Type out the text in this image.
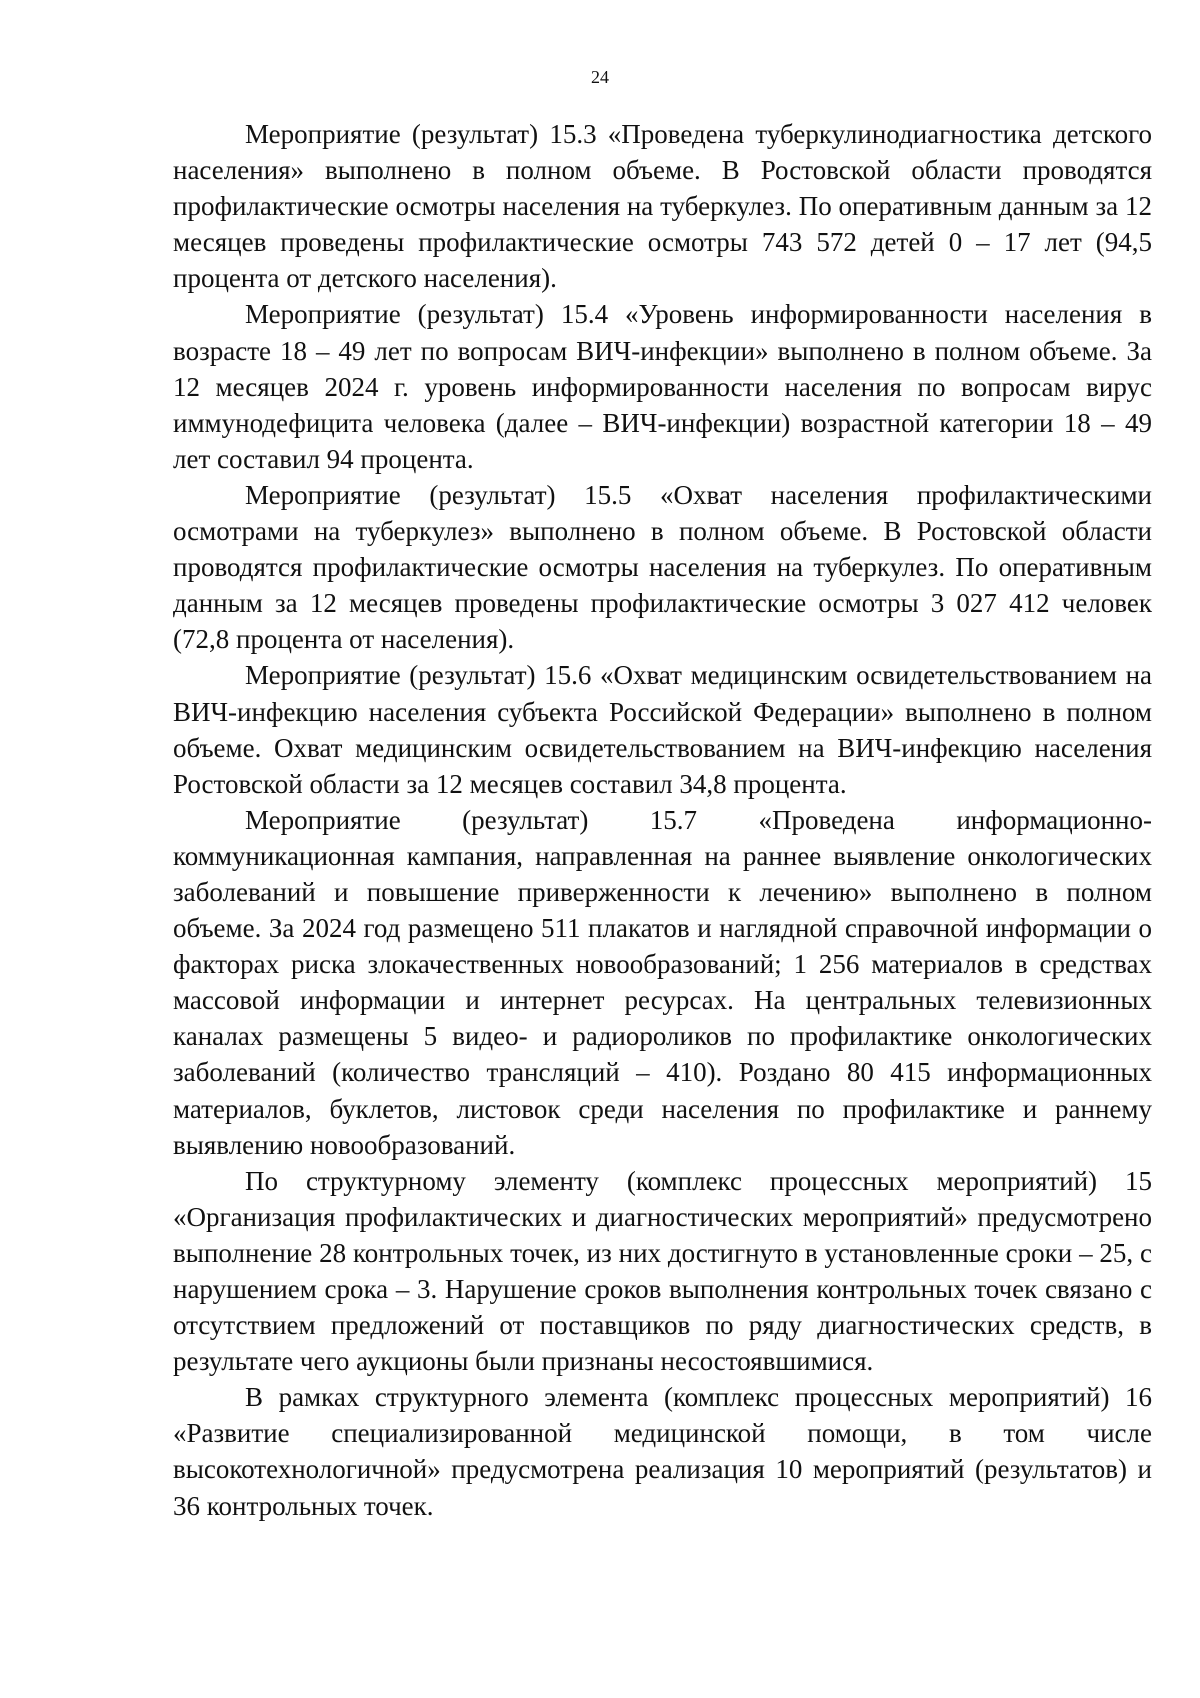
24

Мероприятие (результат) 15.3 «Проведена туберкулинодиагностика детского населения» выполнено в полном объеме. В Ростовской области проводятся профилактические осмотры населения на туберкулез. По оперативным данным за 12 месяцев проведены профилактические осмотры 743 572 детей 0 – 17 лет (94,5 процента от детского населения).

Мероприятие (результат) 15.4 «Уровень информированности населения в возрасте 18 – 49 лет по вопросам ВИЧ-инфекции» выполнено в полном объеме. За 12 месяцев 2024 г. уровень информированности населения по вопросам вирус иммунодефицита человека (далее – ВИЧ-инфекции) возрастной категории 18 – 49 лет составил 94 процента.

Мероприятие (результат) 15.5 «Охват населения профилактическими осмотрами на туберкулез» выполнено в полном объеме. В Ростовской области проводятся профилактические осмотры населения на туберкулез. По оперативным данным за 12 месяцев проведены профилактические осмотры 3 027 412 человек (72,8 процента от населения).

Мероприятие (результат) 15.6 «Охват медицинским освидетельствованием на ВИЧ-инфекцию населения субъекта Российской Федерации» выполнено в полном объеме. Охват медицинским освидетельствованием на ВИЧ-инфекцию населения Ростовской области за 12 месяцев составил 34,8 процента.

Мероприятие (результат) 15.7 «Проведена информационно-коммуникационная кампания, направленная на раннее выявление онкологических заболеваний и повышение приверженности к лечению» выполнено в полном объеме. За 2024 год размещено 511 плакатов и наглядной справочной информации о факторах риска злокачественных новообразований; 1 256 материалов в средствах массовой информации и интернет ресурсах. На центральных телевизионных каналах размещены 5 видео- и радиороликов по профилактике онкологических заболеваний (количество трансляций – 410). Роздано 80 415 информационных материалов, буклетов, листовок среди населения по профилактике и раннему выявлению новообразований.

По структурному элементу (комплекс процессных мероприятий) 15 «Организация профилактических и диагностических мероприятий» предусмотрено выполнение 28 контрольных точек, из них достигнуто в установленные сроки – 25, с нарушением срока – 3. Нарушение сроков выполнения контрольных точек связано с отсутствием предложений от поставщиков по ряду диагностических средств, в результате чего аукционы были признаны несостоявшимися.

В рамках структурного элемента (комплекс процессных мероприятий) 16 «Развитие специализированной медицинской помощи, в том числе высокотехнологичной» предусмотрена реализация 10 мероприятий (результатов) и 36 контрольных точек.
